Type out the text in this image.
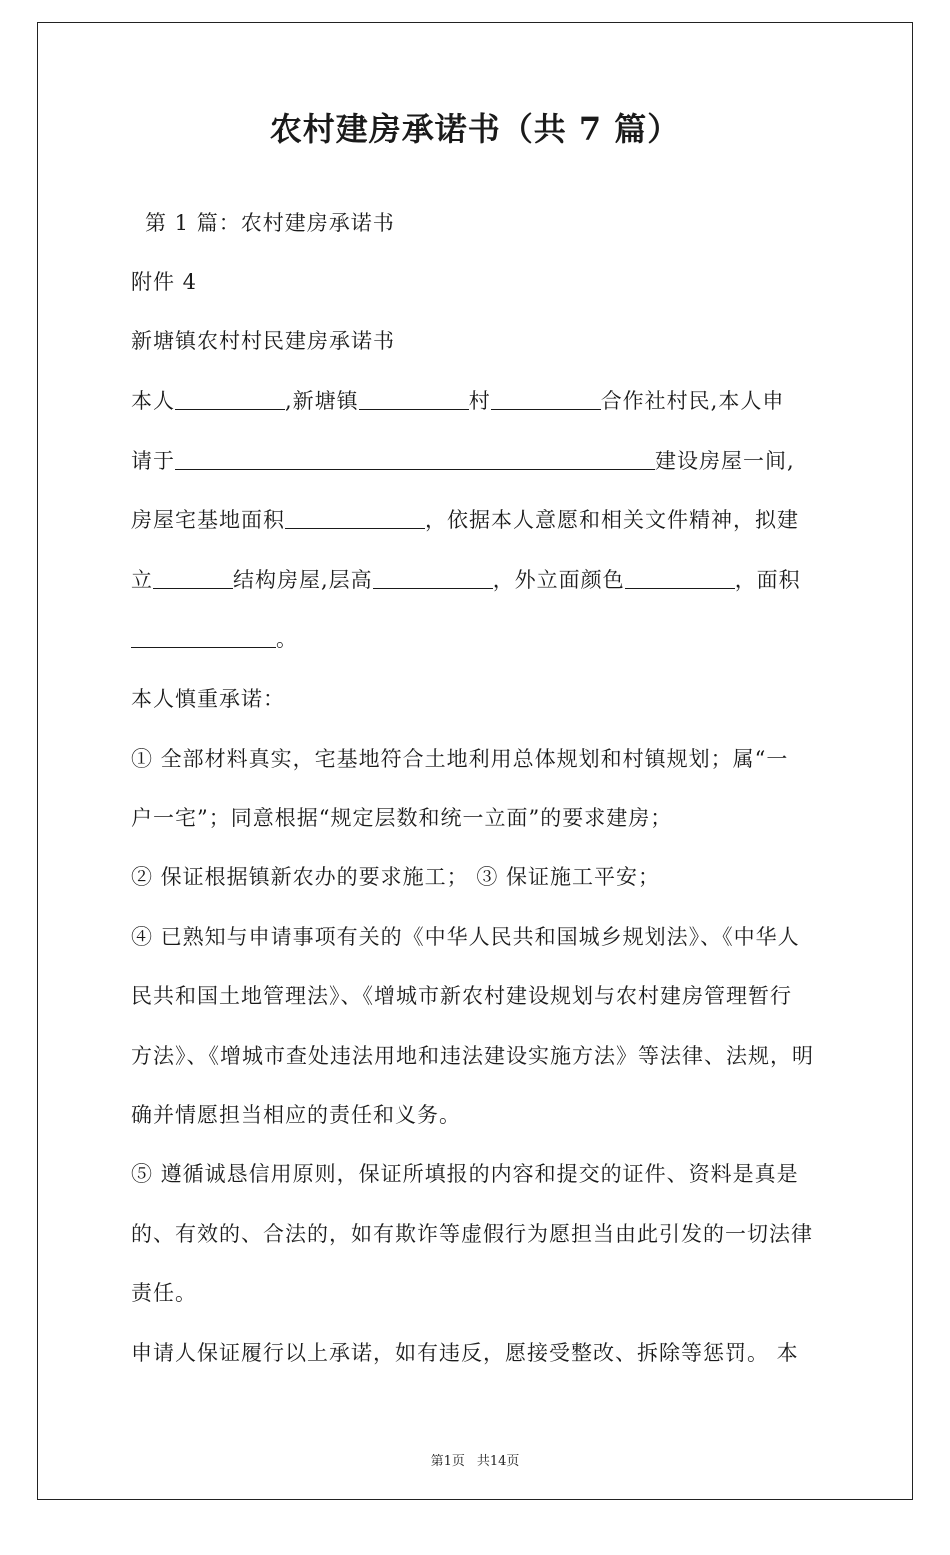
农村建房承诺书（共 7 篇）
第 1 篇：农村建房承诺书
附件 4
新塘镇农村村民建房承诺书
本人	,新塘镇	村	合作社村民,本人申
请于	建设房屋一间,
房屋宅基地面积	，依据本人意愿和相关文件精神，拟建
立	结构房屋,层高	，外立面颜色	，面积
。
本人慎重承诺：
① 全部材料真实，宅基地符合土地利用总体规划和村镇规划；属“一
户一宅”；同意根据“规定层数和统一立面”的要求建房；
② 保证根据镇新农办的要求施工； ③ 保证施工平安；
④ 已熟知与申请事项有关的《中华人民共和国城乡规划法》、《中华人
民共和国土地管理法》、《增城市新农村建设规划与农村建房管理暂行
方法》、《增城市查处违法用地和违法建设实施方法》等法律、法规，明
确并情愿担当相应的责任和义务。
⑤ 遵循诚恳信用原则，保证所填报的内容和提交的证件、资料是真是
的、有效的、合法的，如有欺诈等虚假行为愿担当由此引发的一切法律
责任。
申请人保证履行以上承诺，如有违反，愿接受整改、拆除等惩罚。 本
第1页 共14页
